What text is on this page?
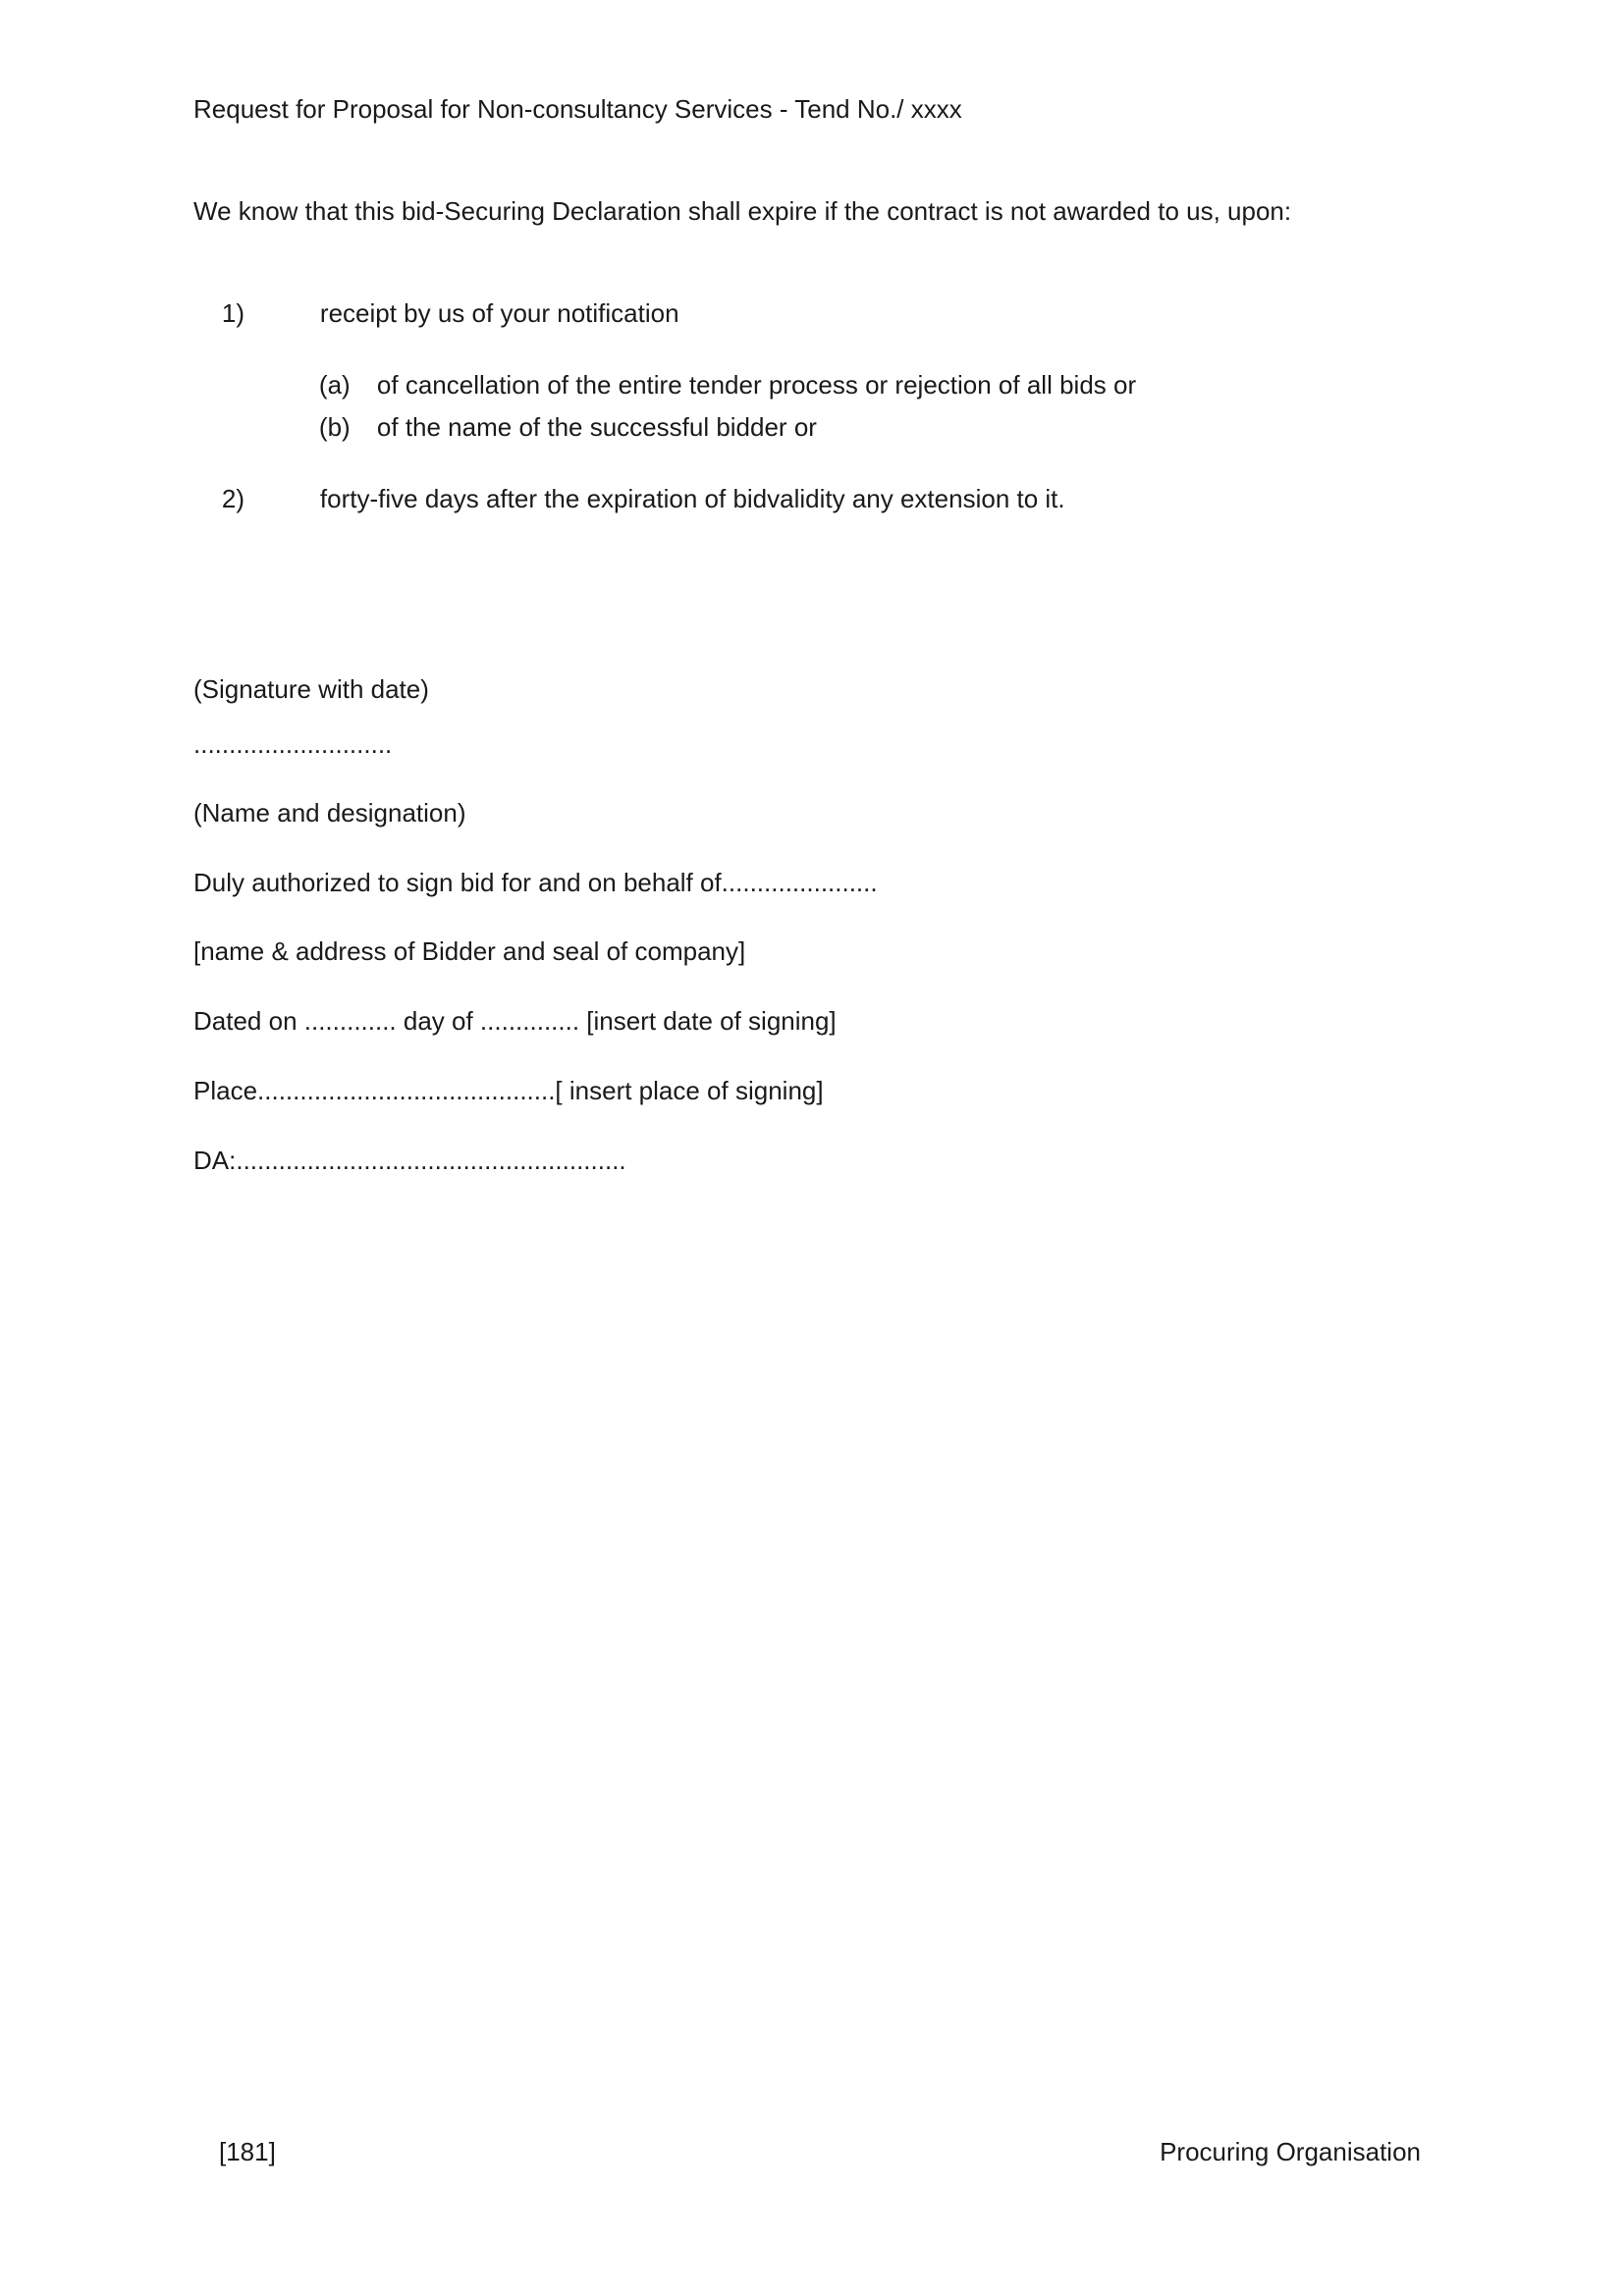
Request for Proposal for Non-consultancy Services - Tend No./ xxxx
We know that this bid-Securing Declaration shall expire if the contract is not awarded to us, upon:

1)	receipt by us of your notification

(a) of cancellation of the entire tender process or rejection of all bids or

(b) of the name of the successful bidder or

2)	forty-five days after the expiration of bidvalidity any extension to it.

(Signature with date)
............................
(Name and designation)
Duly authorized to sign bid for and on behalf of......................
[name & address of Bidder and seal of company]
Dated on ............. day of .............. [insert date of signing]
Place..........................................[ insert place of signing]
DA:.......................................................
[181]	Procuring Organisation
